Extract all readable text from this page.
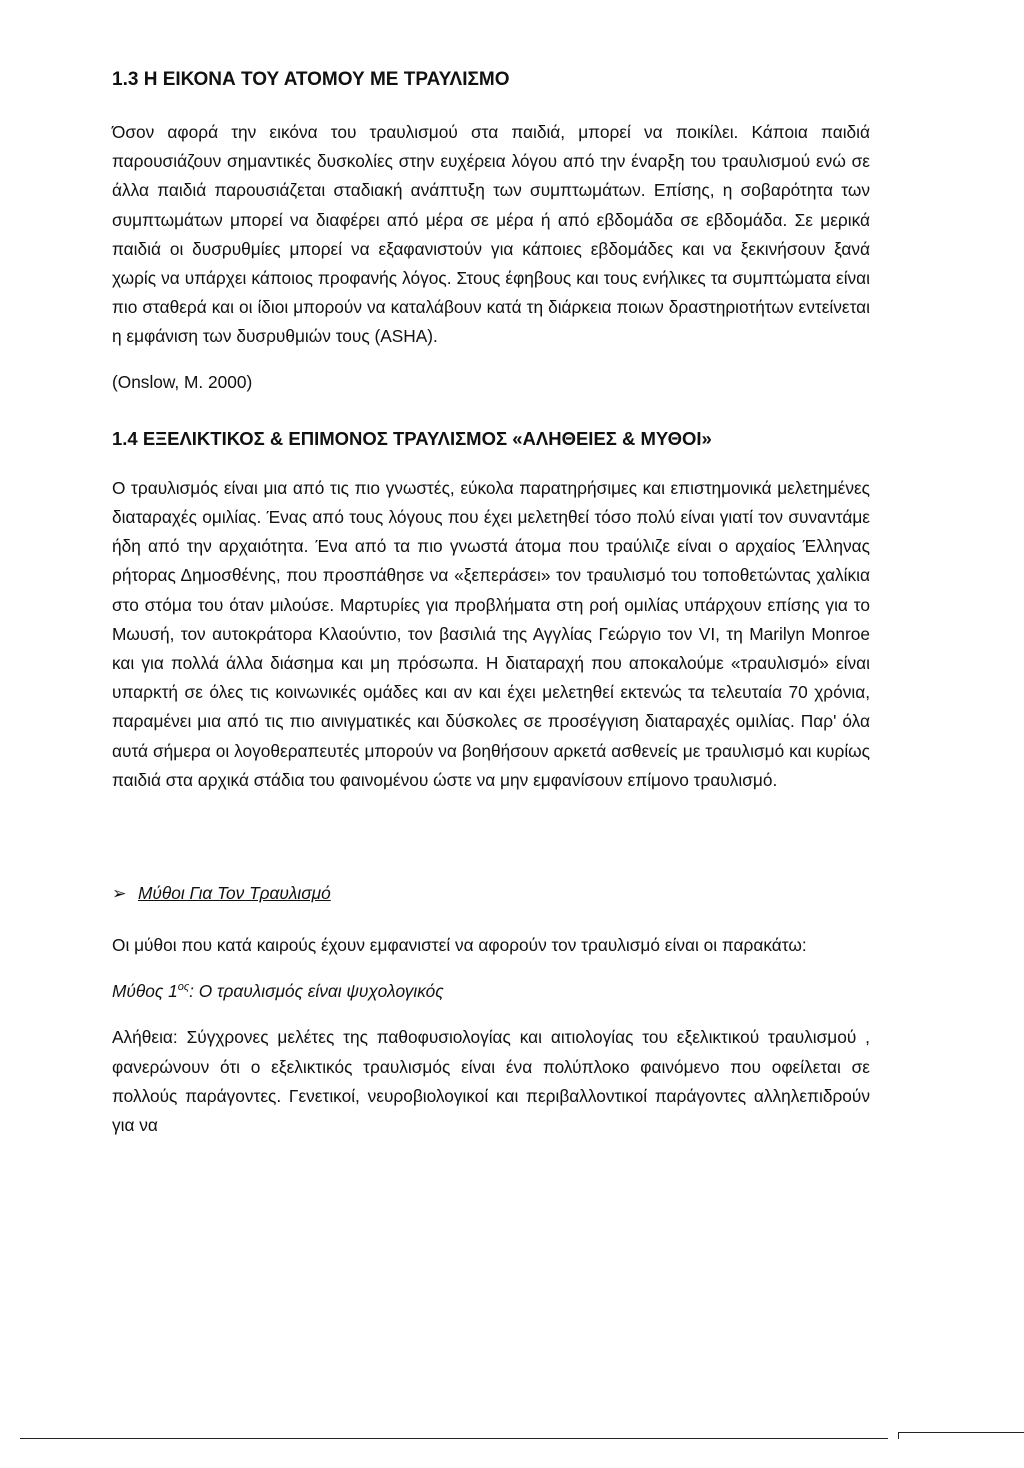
1.3 Η ΕΙΚΟΝΑ ΤΟΥ ΑΤΟΜΟΥ ΜΕ ΤΡΑΥΛΙΣΜΟ

Όσον αφορά την εικόνα του τραυλισμού στα παιδιά, μπορεί να ποικίλει. Κάποια παιδιά παρουσιάζουν σημαντικές δυσκολίες στην ευχέρεια λόγου από την έναρξη του τραυλισμού ενώ σε άλλα παιδιά παρουσιάζεται σταδιακή ανάπτυξη των συμπτωμάτων. Επίσης, η σοβαρότητα των συμπτωμάτων μπορεί να διαφέρει από μέρα σε μέρα ή από εβδομάδα σε εβδομάδα. Σε μερικά παιδιά οι δυσρυθμίες μπορεί να εξαφανιστούν για κάποιες εβδομάδες και να ξεκινήσουν ξανά χωρίς να υπάρχει κάποιος προφανής λόγος. Στους έφηβους και τους ενήλικες τα συμπτώματα είναι πιο σταθερά και οι ίδιοι μπορούν να καταλάβουν κατά τη διάρκεια ποιων δραστηριοτήτων εντείνεται η εμφάνιση των δυσρυθμιών τους (ASHA).

(Onslow, M. 2000)

1.4 ΕΞΕΛΙΚΤΙΚΟΣ & ΕΠΙΜΟΝΟΣ ΤΡΑΥΛΙΣΜΟΣ «ΑΛΗΘΕΙΕΣ & ΜΥΘΟΙ»

Ο τραυλισμός είναι μια από τις πιο γνωστές, εύκολα παρατηρήσιμες και επιστημονικά μελετημένες διαταραχές ομιλίας. Ένας από τους λόγους που έχει μελετηθεί τόσο πολύ είναι γιατί τον συναντάμε ήδη από την αρχαιότητα. Ένα από τα πιο γνωστά άτομα που τραύλιζε είναι ο αρχαίος Έλληνας ρήτορας Δημοσθένης, που προσπάθησε να «ξεπεράσει» τον τραυλισμό του τοποθετώντας χαλίκια στο στόμα του όταν μιλούσε. Μαρτυρίες για προβλήματα στη ροή ομιλίας υπάρχουν επίσης για το Μωυσή, τον αυτοκράτορα Κλαούντιο, τον βασιλιά της Αγγλίας Γεώργιο τον VI, τη Marilyn Monroe και για πολλά άλλα διάσημα και μη πρόσωπα. Η διαταραχή που αποκαλούμε «τραυλισμό» είναι υπαρκτή σε όλες τις κοινωνικές ομάδες και αν και έχει μελετηθεί εκτενώς τα τελευταία 70 χρόνια, παραμένει μια από τις πιο αινιγματικές και δύσκολες σε προσέγγιση διαταραχές ομιλίας. Παρ' όλα αυτά σήμερα οι λογοθεραπευτές μπορούν να βοηθήσουν αρκετά ασθενείς με τραυλισμό και κυρίως παιδιά στα αρχικά στάδια του φαινομένου ώστε να μην εμφανίσουν επίμονο τραυλισμό.

➢ Μύθοι Για Τον Τραυλισμό

Οι μύθοι που κατά καιρούς έχουν εμφανιστεί να αφορούν τον τραυλισμό είναι οι παρακάτω:

Μύθος $1^{o\varsigma}$: Ο τραυλισμός είναι ψυχολογικός

Αλήθεια: Σύγχρονες μελέτες της παθοφυσιολογίας και αιτιολογίας του εξελικτικού τραυλισμού , φανερώνουν ότι ο εξελικτικός τραυλισμός είναι ένα πολύπλοκο φαινόμενο που οφείλεται σε πολλούς παράγοντες. Γενετικοί, νευροβιολογικοί και περιβαλλοντικοί παράγοντες αλληλεπιδρούν για να
